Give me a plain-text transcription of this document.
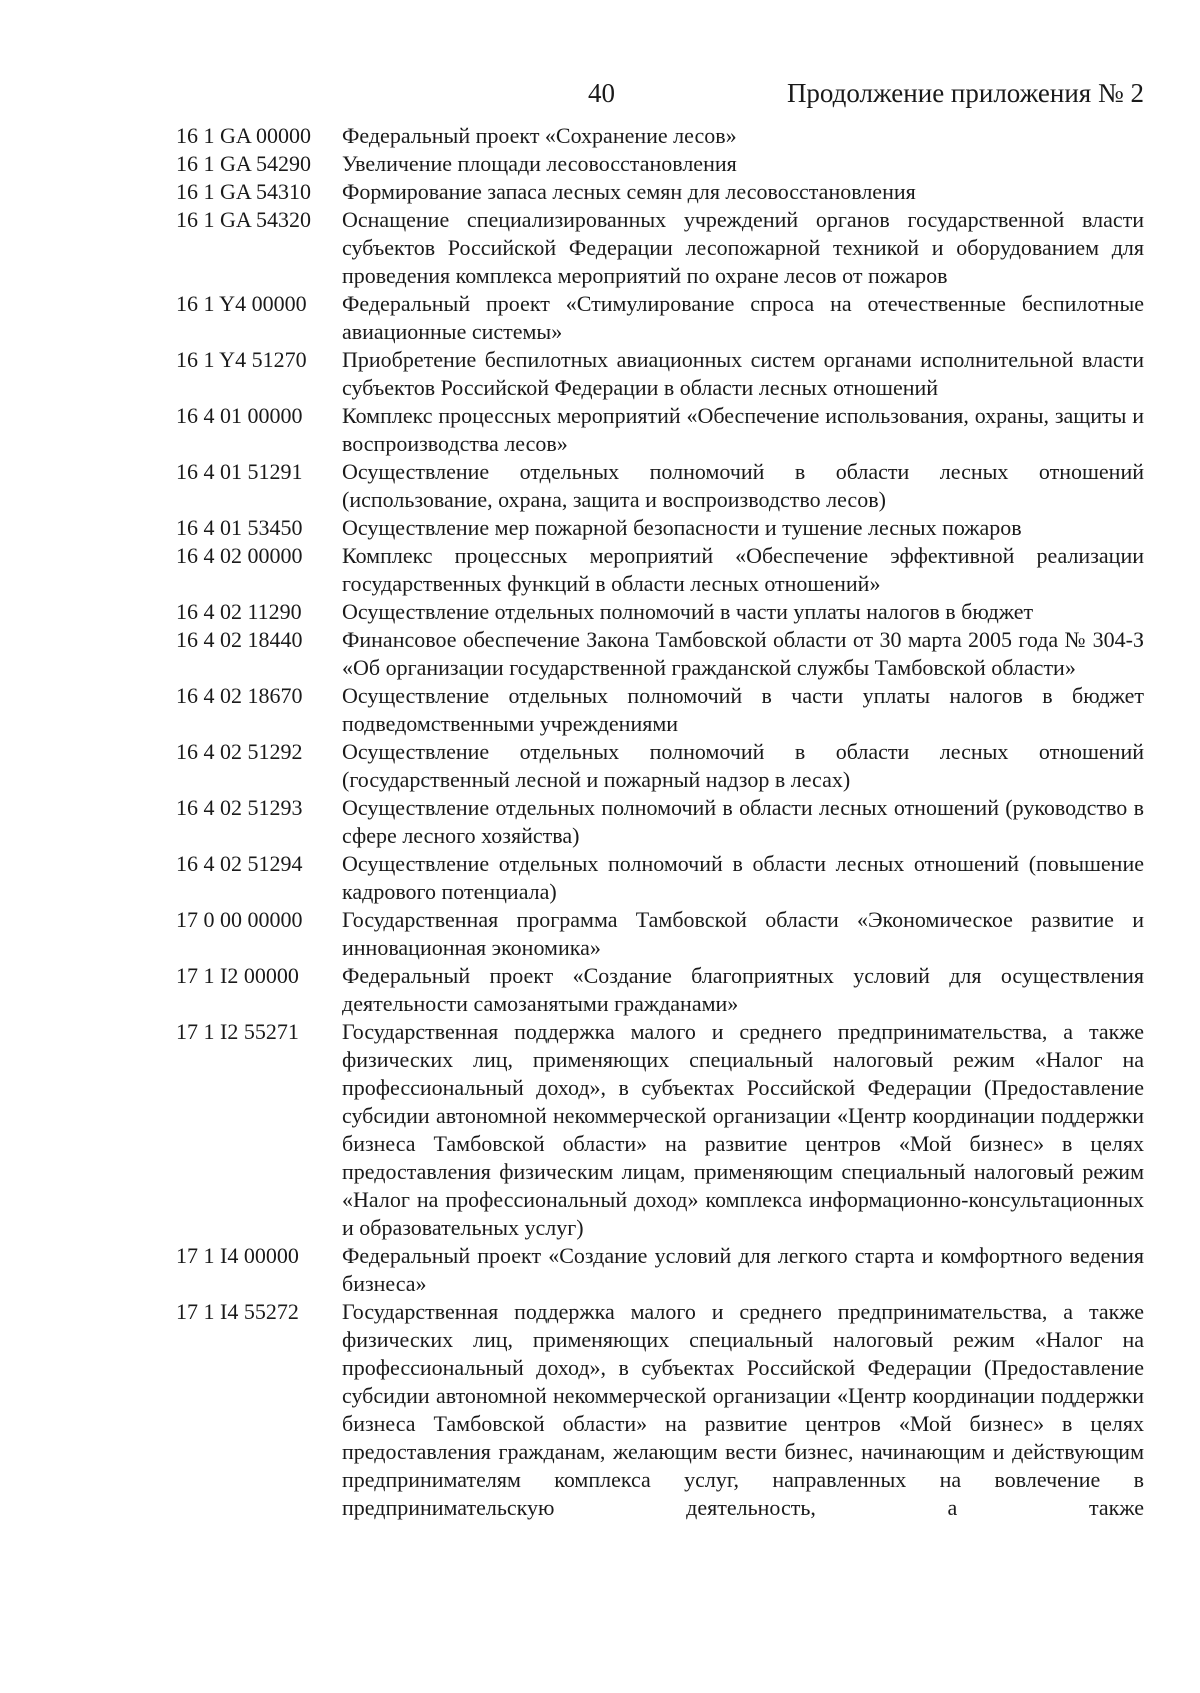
40	Продолжение приложения № 2
16 1 GA 00000	Федеральный проект «Сохранение лесов»
16 1 GA 54290	Увеличение площади лесовосстановления
16 1 GA 54310	Формирование запаса лесных семян для лесовосстановления
16 1 GA 54320	Оснащение специализированных учреждений органов государственной власти субъектов Российской Федерации лесопожарной техникой и оборудованием для проведения комплекса мероприятий по охране лесов от пожаров
16 1 Y4 00000	Федеральный проект «Стимулирование спроса на отечественные беспилотные авиационные системы»
16 1 Y4 51270	Приобретение беспилотных авиационных систем органами исполнительной власти субъектов Российской Федерации в области лесных отношений
16 4 01 00000	Комплекс процессных мероприятий «Обеспечение использования, охраны, защиты и воспроизводства лесов»
16 4 01 51291	Осуществление отдельных полномочий в области лесных отношений (использование, охрана, защита и воспроизводство лесов)
16 4 01 53450	Осуществление мер пожарной безопасности и тушение лесных пожаров
16 4 02 00000	Комплекс процессных мероприятий «Обеспечение эффективной реализации государственных функций в области лесных отношений»
16 4 02 11290	Осуществление отдельных полномочий в части уплаты налогов в бюджет
16 4 02 18440	Финансовое обеспечение Закона Тамбовской области от 30 марта 2005 года № 304-З «Об организации государственной гражданской службы Тамбовской области»
16 4 02 18670	Осуществление отдельных полномочий в части уплаты налогов в бюджет подведомственными учреждениями
16 4 02 51292	Осуществление отдельных полномочий в области лесных отношений (государственный лесной и пожарный надзор в лесах)
16 4 02 51293	Осуществление отдельных полномочий в области лесных отношений (руководство в сфере лесного хозяйства)
16 4 02 51294	Осуществление отдельных полномочий в области лесных отношений (повышение кадрового потенциала)
17 0 00 00000	Государственная программа Тамбовской области «Экономическое развитие и инновационная экономика»
17 1 I2 00000	Федеральный проект «Создание благоприятных условий для осуществления деятельности самозанятыми гражданами»
17 1 I2 55271	Государственная поддержка малого и среднего предпринимательства, а также физических лиц, применяющих специальный налоговый режим «Налог на профессиональный доход», в субъектах Российской Федерации (Предоставление субсидии автономной некоммерческой организации «Центр координации поддержки бизнеса Тамбовской области» на развитие центров «Мой бизнес» в целях предоставления физическим лицам, применяющим специальный налоговый режим «Налог на профессиональный доход» комплекса информационно-консультационных и образовательных услуг)
17 1 I4 00000	Федеральный проект «Создание условий для легкого старта и комфортного ведения бизнеса»
17 1 I4 55272	Государственная поддержка малого и среднего предпринимательства, а также физических лиц, применяющих специальный налоговый режим «Налог на профессиональный доход», в субъектах Российской Федерации (Предоставление субсидии автономной некоммерческой организации «Центр координации поддержки бизнеса Тамбовской области» на развитие центров «Мой бизнес» в целях предоставления гражданам, желающим вести бизнес, начинающим и действующим предпринимателям комплекса услуг, направленных на вовлечение в предпринимательскую деятельность, а также
